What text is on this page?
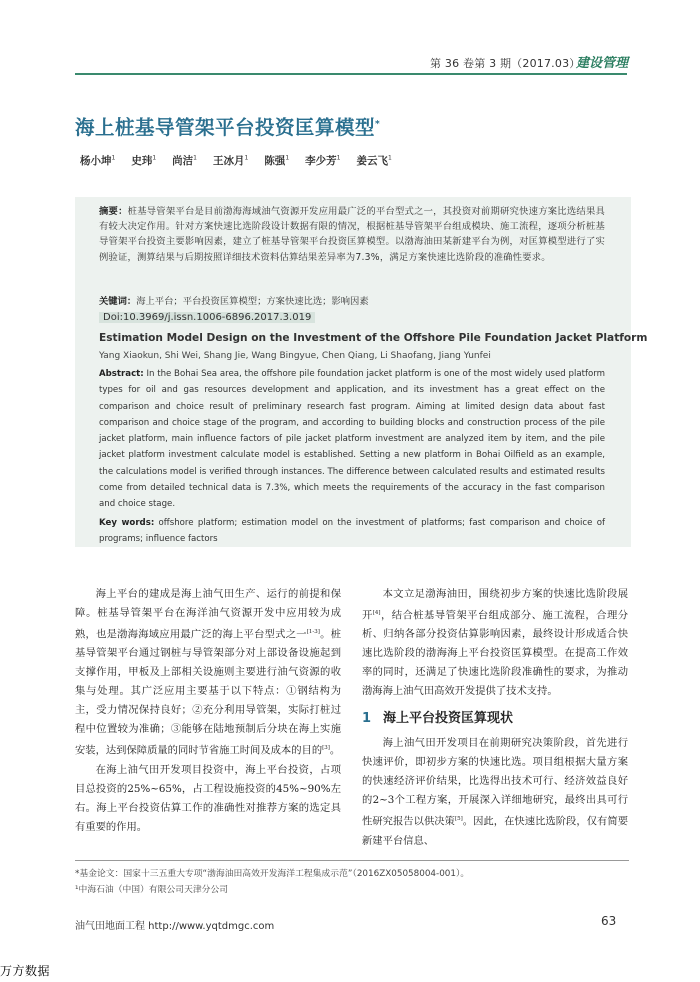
第 36 卷第 3 期（2017.03）
建设管理
海上桩基导管架平台投资匡算模型*
杨小坤$^1$ 史玮$^1$ 尚洁$^1$ 王冰月$^1$ 陈强$^1$ 李少芳$^1$ 姜云飞$^1$
摘要：桩基导管架平台是目前渤海海域油气资源开发应用最广泛的平台型式之一，其投资对前期研究快速方案比选结果具有较大决定作用。针对方案快速比选阶段设计数据有限的情况，根据桩基导管架平台组成模块、施工流程，逐项分析桩基导管架平台投资主要影响因素，建立了桩基导管架平台投资匡算模型。以渤海油田某新建平台为例，对匡算模型进行了实例验证，测算结果与后期按照详细技术资料估算结果差异率为7.3%，满足方案快速比选阶段的准确性要求。
关键词：海上平台；平台投资匡算模型；方案快速比选；影响因素
Doi:10.3969/j.issn.1006-6896.2017.3.019
Estimation Model Design on the Investment of the Offshore Pile Foundation Jacket Platform
Yang Xiaokun, Shi Wei, Shang Jie, Wang Bingyue, Chen Qiang, Li Shaofang, Jiang Yunfei
Abstract: In the Bohai Sea area, the offshore pile foundation jacket platform is one of the most widely used platform types for oil and gas resources development and application, and its investment has a great effect on the comparison and choice result of preliminary research fast program. Aiming at limited design data about fast comparison and choice stage of the program, and according to building blocks and construction process of the pile jacket platform, main influence factors of pile jacket platform investment are analyzed item by item, and the pile jacket platform investment calculate model is established. Setting a new platform in Bohai Oilfield as an example, the calculations model is verified through instances. The difference between calculated results and estimated results come from detailed technical data is 7.3%, which meets the requirements of the accuracy in the fast comparison and choice stage.
Key words: offshore platform; estimation model on the investment of platforms; fast comparison and choice of programs; influence factors

海上平台的建成是海上油气田生产、运行的前提和保障。桩基导管架平台在海洋油气资源开发中应用较为成熟，也是渤海海域应用最广泛的海上平台型式之一[1-3]。桩基导管架平台通过钢桩与导管架部分对上部设备设施起到支撑作用，甲板及上部相关设施则主要进行油气资源的收集与处理。其广泛应用主要基于以下特点：①钢结构为主，受力情况保持良好；②充分利用导管架，实际打桩过程中位置较为准确；③能够在陆地预制后分块在海上实施安装，达到保障质量的同时节省施工时间及成本的目的[3]。

在海上油气田开发项目投资中，海上平台投资，占项目总投资的25%~65%，占工程设施投资的45%~90%左右。海上平台投资估算工作的准确性对推荐方案的选定具有重要的作用。

本文立足渤海油田，围绕初步方案的快速比选阶段展开[4]，结合桩基导管架平台组成部分、施工流程，合理分析、归纳各部分投资估算影响因素，最终设计形成适合快速比选阶段的渤海海上平台投资匡算模型。在提高工作效率的同时，还满足了快速比选阶段准确性的要求，为推动渤海海上油气田高效开发提供了技术支持。

1 海上平台投资匡算现状

海上油气田开发项目在前期研究决策阶段，首先进行快速评价，即初步方案的快速比选。项目组根据大量方案的快速经济评价结果，比选得出技术可行、经济效益良好的2~3个工程方案，开展深入详细地研究，最终出具可行性研究报告以供决策[5]。因此，在快速比选阶段，仅有简要新建平台信息、

*基金论文：国家十三五重大专项“渤海油田高效开发海洋工程集成示范”（2016ZX05058004-001）。
¹中海石油（中国）有限公司天津分公司
油气田地面工程 http://www.yqtdmgc.com	63
万方数据
